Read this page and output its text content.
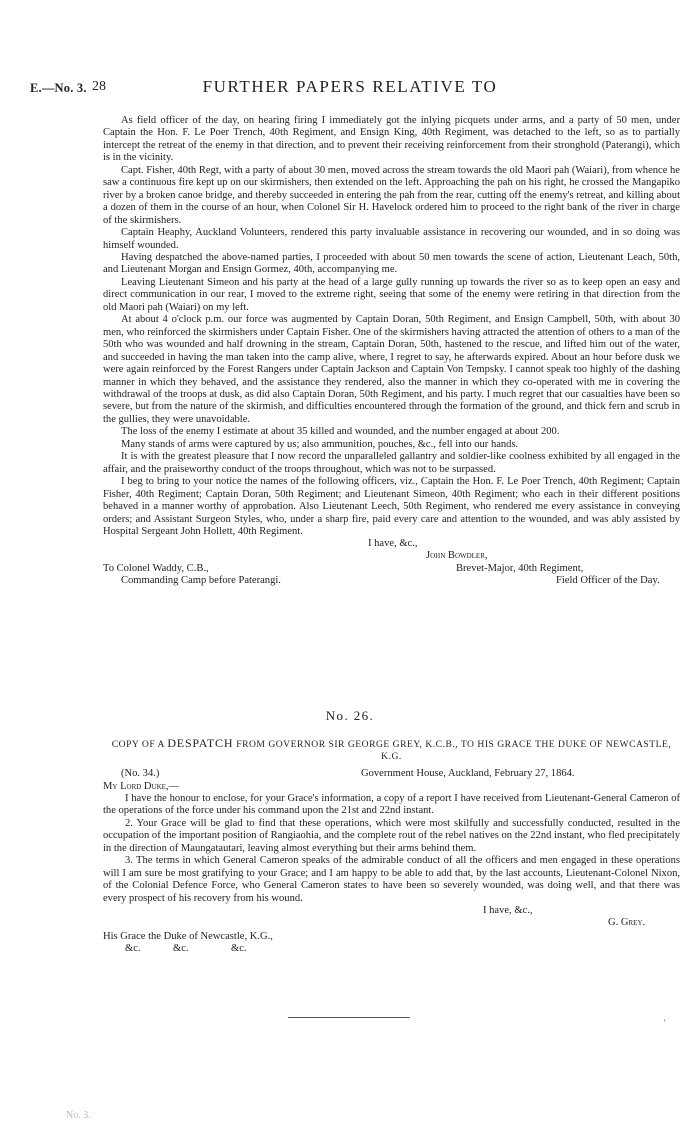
E.—No. 3. 28	FURTHER PAPERS RELATIVE TO

As field officer of the day, on hearing firing I immediately got the inlying picquets under arms, and a party of 50 men, under Captain the Hon. F. Le Poer Trench, 40th Regiment, and Ensign King, 40th Regiment, was detached to the left, so as to partially intercept the retreat of the enemy in that direction, and to prevent their receiving reinforcement from their stronghold (Paterangi), which is in the vicinity.

Capt. Fisher, 40th Regt, with a party of about 30 men, moved across the stream towards the old Maori pah (Waiari), from whence he saw a continuous fire kept up on our skirmishers, then extended on the left. Approaching the pah on his right, he crossed the Mangapiko river by a broken canoe bridge, and thereby succeeded in entering the pah from the rear, cutting off the enemy's retreat, and killing about a dozen of them in the course of an hour, when Colonel Sir H. Havelock ordered him to proceed to the right bank of the river in charge of the skirmishers.

Captain Heaphy, Auckland Volunteers, rendered this party invaluable assistance in recovering our wounded, and in so doing was himself wounded.

Having despatched the above-named parties, I proceeded with about 50 men towards the scene of action, Lieutenant Leach, 50th, and Lieutenant Morgan and Ensign Gormez, 40th, accompanying me.

Leaving Lieutenant Simeon and his party at the head of a large gully running up towards the river so as to keep open an easy and direct communication in our rear, I moved to the extreme right, seeing that some of the enemy were retiring in that direction from the old Maori pah (Waiari) on my left.

At about 4 o'clock p.m. our force was augmented by Captain Doran, 50th Regiment, and Ensign Campbell, 50th, with about 30 men, who reinforced the skirmishers under Captain Fisher. One of the skirmishers having attracted the attention of others to a man of the 50th who was wounded and half drowning in the stream, Captain Doran, 50th, hastened to the rescue, and lifted him out of the water, and succeeded in having the man taken into the camp alive, where, I regret to say, he afterwards expired. About an hour before dusk we were again reinforced by the Forest Rangers under Captain Jackson and Captain Von Tempsky. I cannot speak too highly of the dashing manner in which they behaved, and the assistance they rendered, also the manner in which they co-operated with me in covering the withdrawal of the troops at dusk, as did also Captain Doran, 50th Regiment, and his party. I much regret that our casualties have been so severe, but from the nature of the skirmish, and difficulties encountered through the formation of the ground, and thick fern and scrub in the gullies, they were unavoidable.

The loss of the enemy I estimate at about 35 killed and wounded, and the number engaged at about 200.

Many stands of arms were captured by us; also ammunition, pouches, &c., fell into our hands.

It is with the greatest pleasure that I now record the unparalleled gallantry and soldier-like coolness exhibited by all engaged in the affair, and the praiseworthy conduct of the troops throughout, which was not to be surpassed.

I beg to bring to your notice the names of the following officers, viz., Captain the Hon. F. Le Poer Trench, 40th Regiment; Captain Fisher, 40th Regiment; Captain Doran, 50th Regiment; and Lieutenant Simeon, 40th Regiment; who each in their different positions behaved in a manner worthy of approbation. Also Lieutenant Leech, 50th Regiment, who rendered me every assistance in conveying orders; and Assistant Surgeon Styles, who, under a sharp fire, paid every care and attention to the wounded, and was ably assisted by Hospital Sergeant John Hollett, 40th Regiment.

I have, &c.,
John Bowdler,
To Colonel Waddy, C.B.,	Brevet-Major, 40th Regiment,
Commanding Camp before Paterangi.	Field Officer of the Day.
No. 26.
COPY OF A DESPATCH FROM GOVERNOR SIR GEORGE GREY, K.C.B., TO HIS GRACE THE DUKE OF NEWCASTLE, K.G.
(No. 34.)	Government House, Auckland, February 27, 1864.
My Lord Duke,—

I have the honour to enclose, for your Grace's information, a copy of a report I have received from Lieutenant-General Cameron of the operations of the force under his command upon the 21st and 22nd instant.

2. Your Grace will be glad to find that these operations, which were most skilfully and successfully conducted, resulted in the occupation of the important position of Rangiaohia, and the complete rout of the rebel natives on the 22nd instant, who fled precipitately in the direction of Maungatautari, leaving almost everything but their arms behind them.

3. The terms in which General Cameron speaks of the admirable conduct of all the officers and men engaged in these operations will I am sure be most gratifying to your Grace; and I am happy to be able to add that, by the last accounts, Lieutenant-Colonel Nixon, of the Colonial Defence Force, who General Cameron states to have been so severely wounded, was doing well, and that there was every prospect of his recovery from his wound.

I have, &c.,
G. Grey.
His Grace the Duke of Newcastle, K.G.,
&c.	&c.	&c.
‘
No. 3.
